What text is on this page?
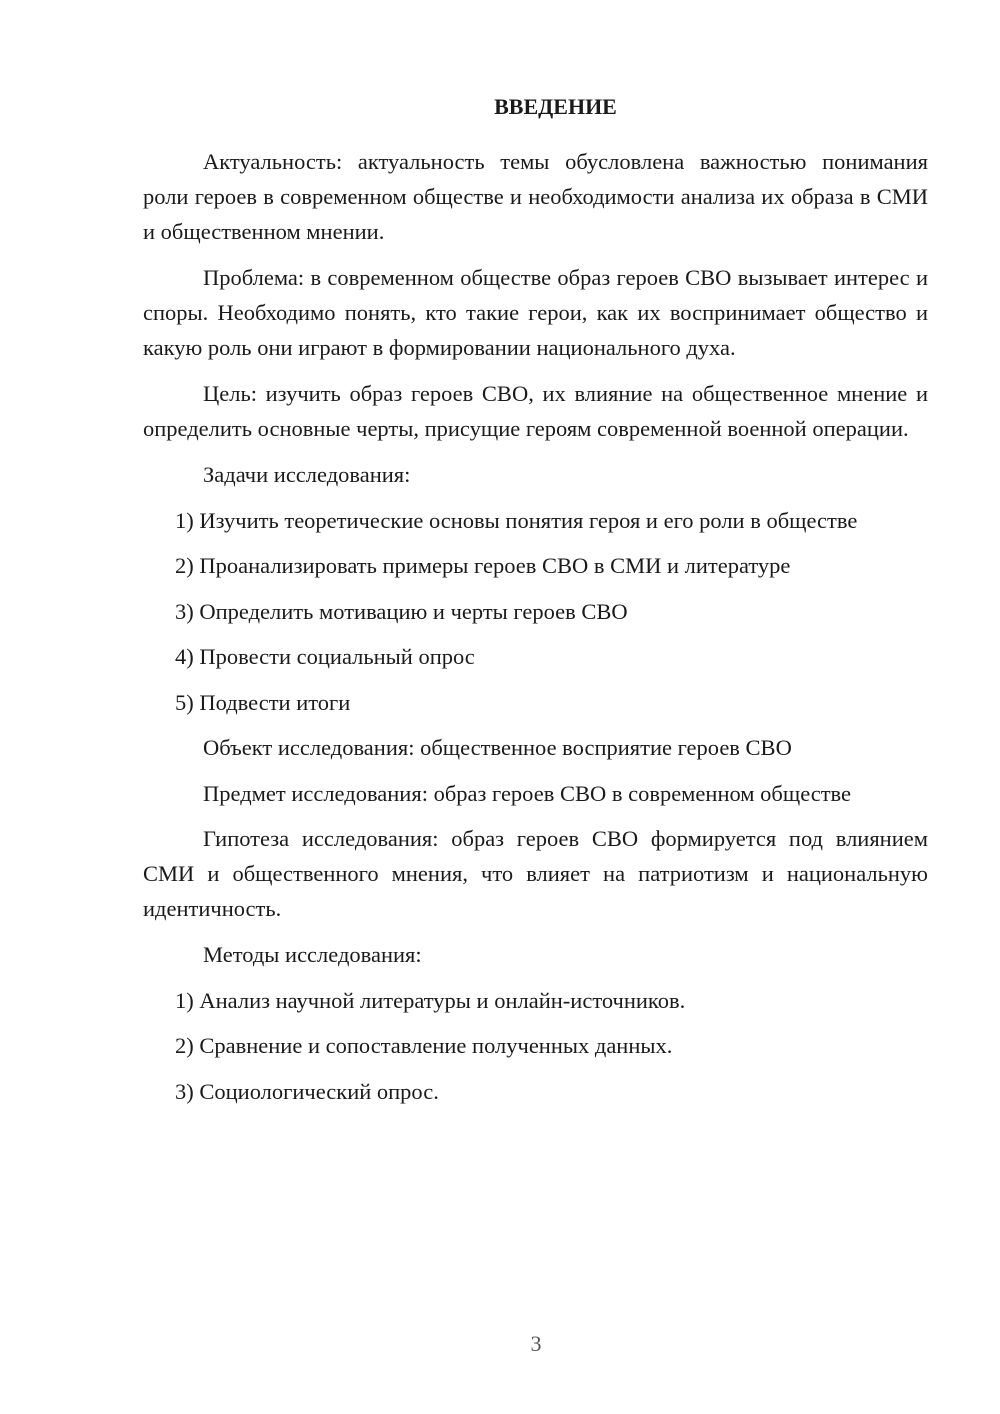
ВВЕДЕНИЕ
Актуальность: актуальность темы обусловлена важностью понимания роли героев в современном обществе и необходимости анализа их образа в СМИ и общественном мнении.
Проблема: в современном обществе образ героев СВО вызывает интерес и споры. Необходимо понять, кто такие герои, как их воспринимает общество и какую роль они играют в формировании национального духа.
Цель: изучить образ героев СВО, их влияние на общественное мнение и определить основные черты, присущие героям современной военной операции.
Задачи исследования:
1) Изучить теоретические основы понятия героя и его роли в обществе
2) Проанализировать примеры героев СВО в СМИ и литературе
3) Определить мотивацию и черты героев СВО
4) Провести социальный опрос
5) Подвести итоги
Объект исследования: общественное восприятие героев СВО
Предмет исследования: образ героев СВО в современном обществе
Гипотеза исследования: образ героев СВО формируется под влиянием СМИ и общественного мнения, что влияет на патриотизм и национальную идентичность.
Методы исследования:
1) Анализ научной литературы и онлайн-источников.
2) Сравнение и сопоставление полученных данных.
3) Социологический опрос.
3
